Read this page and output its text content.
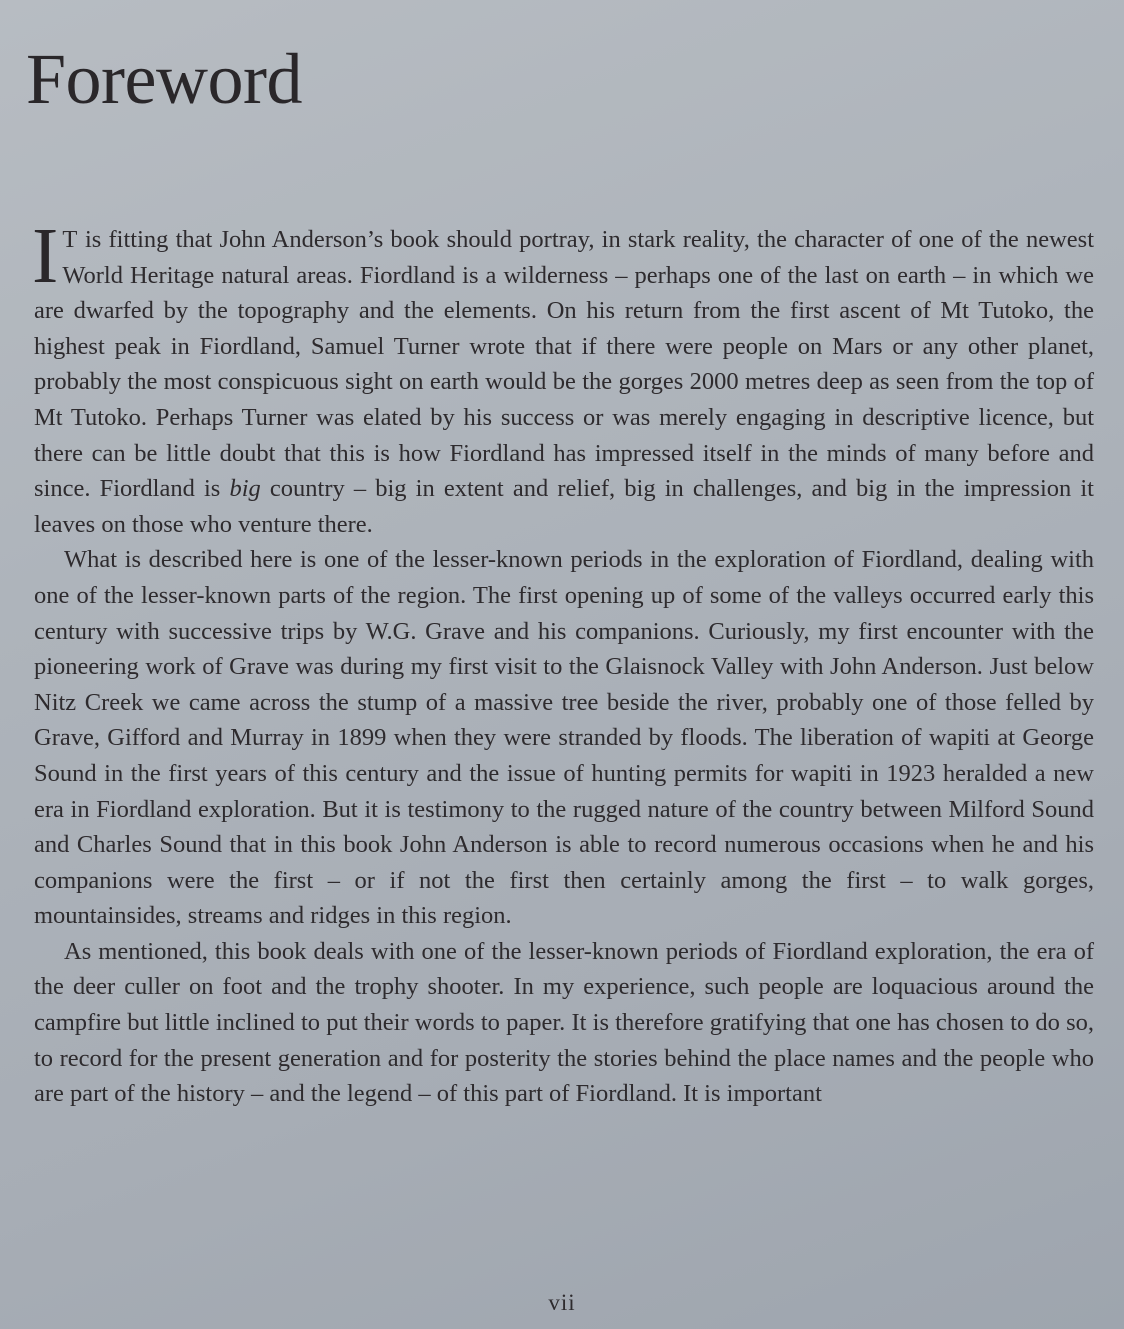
Foreword

I T is fitting that John Anderson’s book should portray, in stark reality, the character of one of the newest World Heritage natural areas. Fiordland is a wilderness – perhaps one of the last on earth – in which we are dwarfed by the topography and the elements. On his return from the first ascent of Mt Tutoko, the highest peak in Fiordland, Samuel Turner wrote that if there were people on Mars or any other planet, probably the most conspicuous sight on earth would be the gorges 2000 metres deep as seen from the top of Mt Tutoko. Perhaps Turner was elated by his success or was merely engaging in descriptive licence, but there can be little doubt that this is how Fiordland has impressed itself in the minds of many before and since. Fiordland is big country – big in extent and relief, big in challenges, and big in the impression it leaves on those who venture there.

What is described here is one of the lesser-known periods in the exploration of Fiordland, dealing with one of the lesser-known parts of the region. The first opening up of some of the valleys occurred early this century with successive trips by W.G. Grave and his companions. Curiously, my first encounter with the pioneering work of Grave was during my first visit to the Glaisnock Valley with John Anderson. Just below Nitz Creek we came across the stump of a massive tree beside the river, probably one of those felled by Grave, Gifford and Murray in 1899 when they were stranded by floods. The liberation of wapiti at George Sound in the first years of this century and the issue of hunting permits for wapiti in 1923 heralded a new era in Fiordland exploration. But it is testimony to the rugged nature of the country between Milford Sound and Charles Sound that in this book John Anderson is able to record numerous occasions when he and his companions were the first – or if not the first then certainly among the first – to walk gorges, mountainsides, streams and ridges in this region.

As mentioned, this book deals with one of the lesser-known periods of Fiordland exploration, the era of the deer culler on foot and the trophy shooter. In my experience, such people are loquacious around the campfire but little inclined to put their words to paper. It is therefore gratifying that one has chosen to do so, to record for the present generation and for posterity the stories behind the place names and the people who are part of the history – and the legend – of this part of Fiordland. It is important

vii
